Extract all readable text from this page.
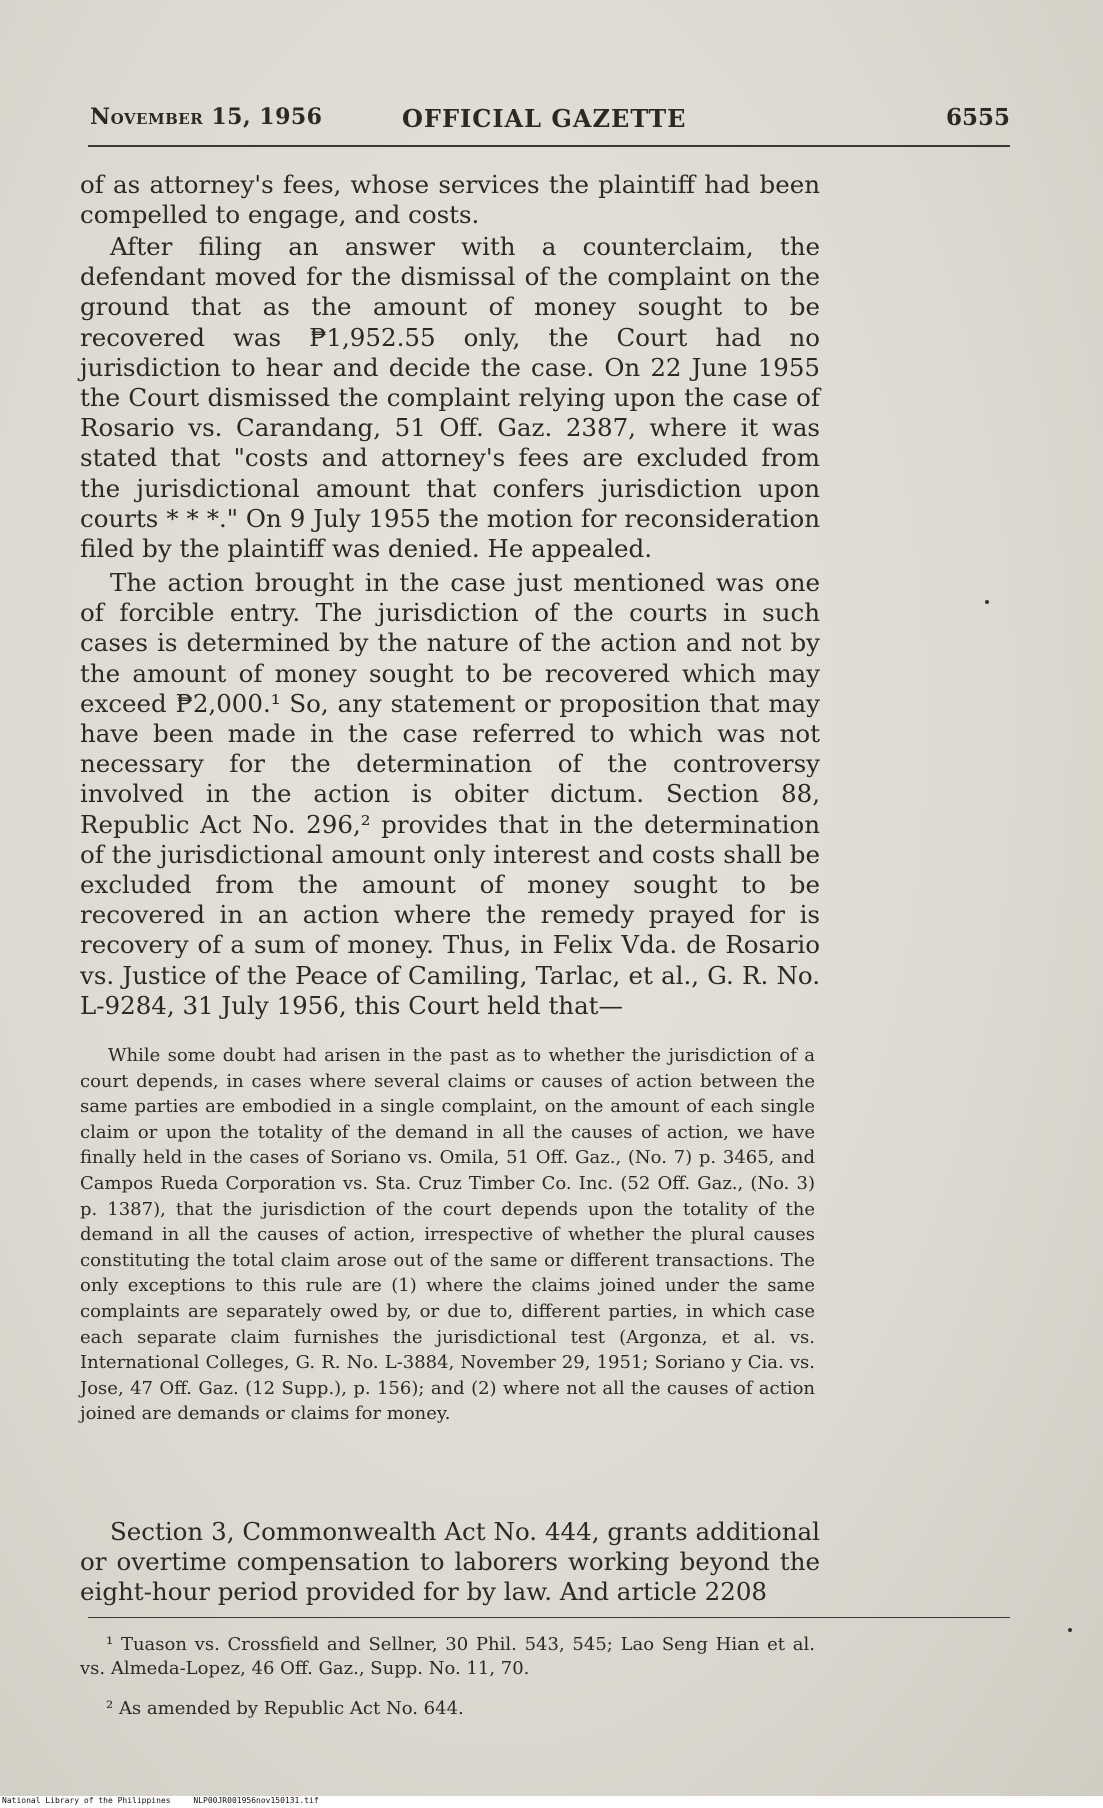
November 15, 1956	OFFICIAL GAZETTE	6555

of as attorney's fees, whose services the plaintiff had been compelled to engage, and costs.

After filing an answer with a counterclaim, the defendant moved for the dismissal of the complaint on the ground that as the amount of money sought to be recovered was ₱1,952.55 only, the Court had no jurisdiction to hear and decide the case. On 22 June 1955 the Court dismissed the complaint relying upon the case of Rosario vs. Carandang, 51 Off. Gaz. 2387, where it was stated that "costs and attorney's fees are excluded from the jurisdictional amount that confers jurisdiction upon courts * * *." On 9 July 1955 the motion for reconsideration filed by the plaintiff was denied. He appealed.

The action brought in the case just mentioned was one of forcible entry. The jurisdiction of the courts in such cases is determined by the nature of the action and not by the amount of money sought to be recovered which may exceed ₱2,000.¹ So, any statement or proposition that may have been made in the case referred to which was not necessary for the determination of the controversy involved in the action is obiter dictum. Section 88, Republic Act No. 296,² provides that in the determination of the jurisdictional amount only interest and costs shall be excluded from the amount of money sought to be recovered in an action where the remedy prayed for is recovery of a sum of money. Thus, in Felix Vda. de Rosario vs. Justice of the Peace of Camiling, Tarlac, et al., G. R. No. L-9284, 31 July 1956, this Court held that—

While some doubt had arisen in the past as to whether the jurisdiction of a court depends, in cases where several claims or causes of action between the same parties are embodied in a single complaint, on the amount of each single claim or upon the totality of the demand in all the causes of action, we have finally held in the cases of Soriano vs. Omila, 51 Off. Gaz., (No. 7) p. 3465, and Campos Rueda Corporation vs. Sta. Cruz Timber Co. Inc. (52 Off. Gaz., (No. 3) p. 1387), that the jurisdiction of the court depends upon the totality of the demand in all the causes of action, irrespective of whether the plural causes constituting the total claim arose out of the same or different transactions. The only exceptions to this rule are (1) where the claims joined under the same complaints are separately owed by, or due to, different parties, in which case each separate claim furnishes the jurisdictional test (Argonza, et al. vs. International Colleges, G. R. No. L-3884, November 29, 1951; Soriano y Cia. vs. Jose, 47 Off. Gaz. (12 Supp.), p. 156); and (2) where not all the causes of action joined are demands or claims for money.

Section 3, Commonwealth Act No. 444, grants additional or overtime compensation to laborers working beyond the eight-hour period provided for by law. And article 2208

¹ Tuason vs. Crossfield and Sellner, 30 Phil. 543, 545; Lao Seng Hian et al. vs. Almeda-Lopez, 46 Off. Gaz., Supp. No. 11, 70.

² As amended by Republic Act No. 644.

National Library of the Philippines	NLP00JR001956nov150131.tif
